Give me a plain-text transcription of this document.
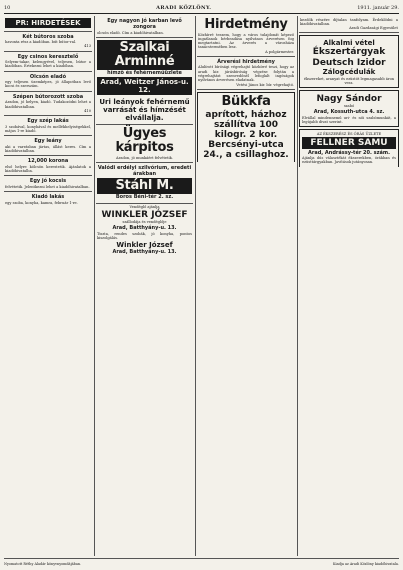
10	ARADI KÖZLÖNY.	1911. január 29.
PR: HIRDETÉSEK

Két bútoros szoba

havonta rész a kiadóban. bút bútor-ral.

413

Egy csinos keresztelő

Selyem-takar, kelengyével, teljesen, bútor a kiadóban. Értekezni lehet a kiadóban.

Olcsón eladó

egy teljesen üzemképes, jó állapotban levő kocsi és szerszám.

Szépen bútorozott szoba

Aradon, jó helyen, kiadó. Tudakozódni lehet a kiadóhivatalban.

410

Egy szép lakás

3 szobával, konyhával és mellékhelyiségekkel, május 1-re kiadó.

Egy leány

aki a varrásban jártas, állást keres. Cím a kiadóhivatalban.

12,000 korona

első helyre kölcsön kerestetik. Ajánlatok a kiadóhivatalba.

Egy jó kocsis

felvétetik. Jelentkezni lehet a kiadóhivatalban.

Kiadó lakás

egy szoba, konyha, kamra, február 1-re.

Egy nagyon jó karban levő zongora

olcsón eladó. Cím a kiadóhivatalban.

Szalkai Arminné
hímző és fehérneműüzlete
Arad, Weitzer János-u. 12.
Uri leányok fehérnemű varrását és hímzését elvállalja.
Ügyes kárpitos

Aradon, jó munkáért felvétetik.

Valódi erdélyi szilvórium, eredeti árakban
Stáhl M.
Boros Béni-tér 2. sz.

Vendéglő ajánlja

WINKLER JÓZSEF

szállodája és vendéglője

Arad, Batthyány-u. 13.

Tiszta, rendes szobák, jó konyha, pontos kiszolgálás.

Winkler József
Arad, Batthyány-u. 13.
Hirdetmény

Közhírré teszem, hogy a város tulajdonát képező ingatlanok bérbeadása nyilvános árverésen fog megtartatni. Az árverés a városháza tanácstermében lesz.

A polgármester.

Árverési hirdetmény

Alulírott bírósági végrehajtó közhírré teszi, hogy az aradi kir. járásbíróság végzése folytán a végrehajtást szenvedőnél lefoglalt ingóságok nyilvános árverésen eladatnak.

Vetési János kir. bír. végrehajtó.

Bükkfa
aprított, házhoz szállítva 100 kilogr. 2 kor. Bercsényi-utca 24., a csillaghoz.

kezdők részére díjtalan tanfolyam. Érdeklődni a kiadóhivatalban.

Aradi Gazdasági Egyesület

Alkalmi vétel
Ékszertárgyak
Deutsch Izidor
Zálogcédulák

ékszereket, aranyat és ezüstöt legmagasabb áron vesz.

Nagy Sándor

szabó

Arad, Kossuth-utca 4. sz.

Elvállal mindennemű uri- és női szabómunkát, a legújabb divat szerint.

AZ ÉKSZERÉSZ ÉS ÓRÁS ÜZLETE

FELLNER SAMU
Arad, Andrássy-tér 20. szám.

Ajánlja dús választékát ékszerekben, órákban és ezüsttárgyakban. Javítások jutányosan.

Nyomatott Réthy Aladár könyvnyomdájában.	Kiadja az Aradi Közlöny kiadóhivatala.
